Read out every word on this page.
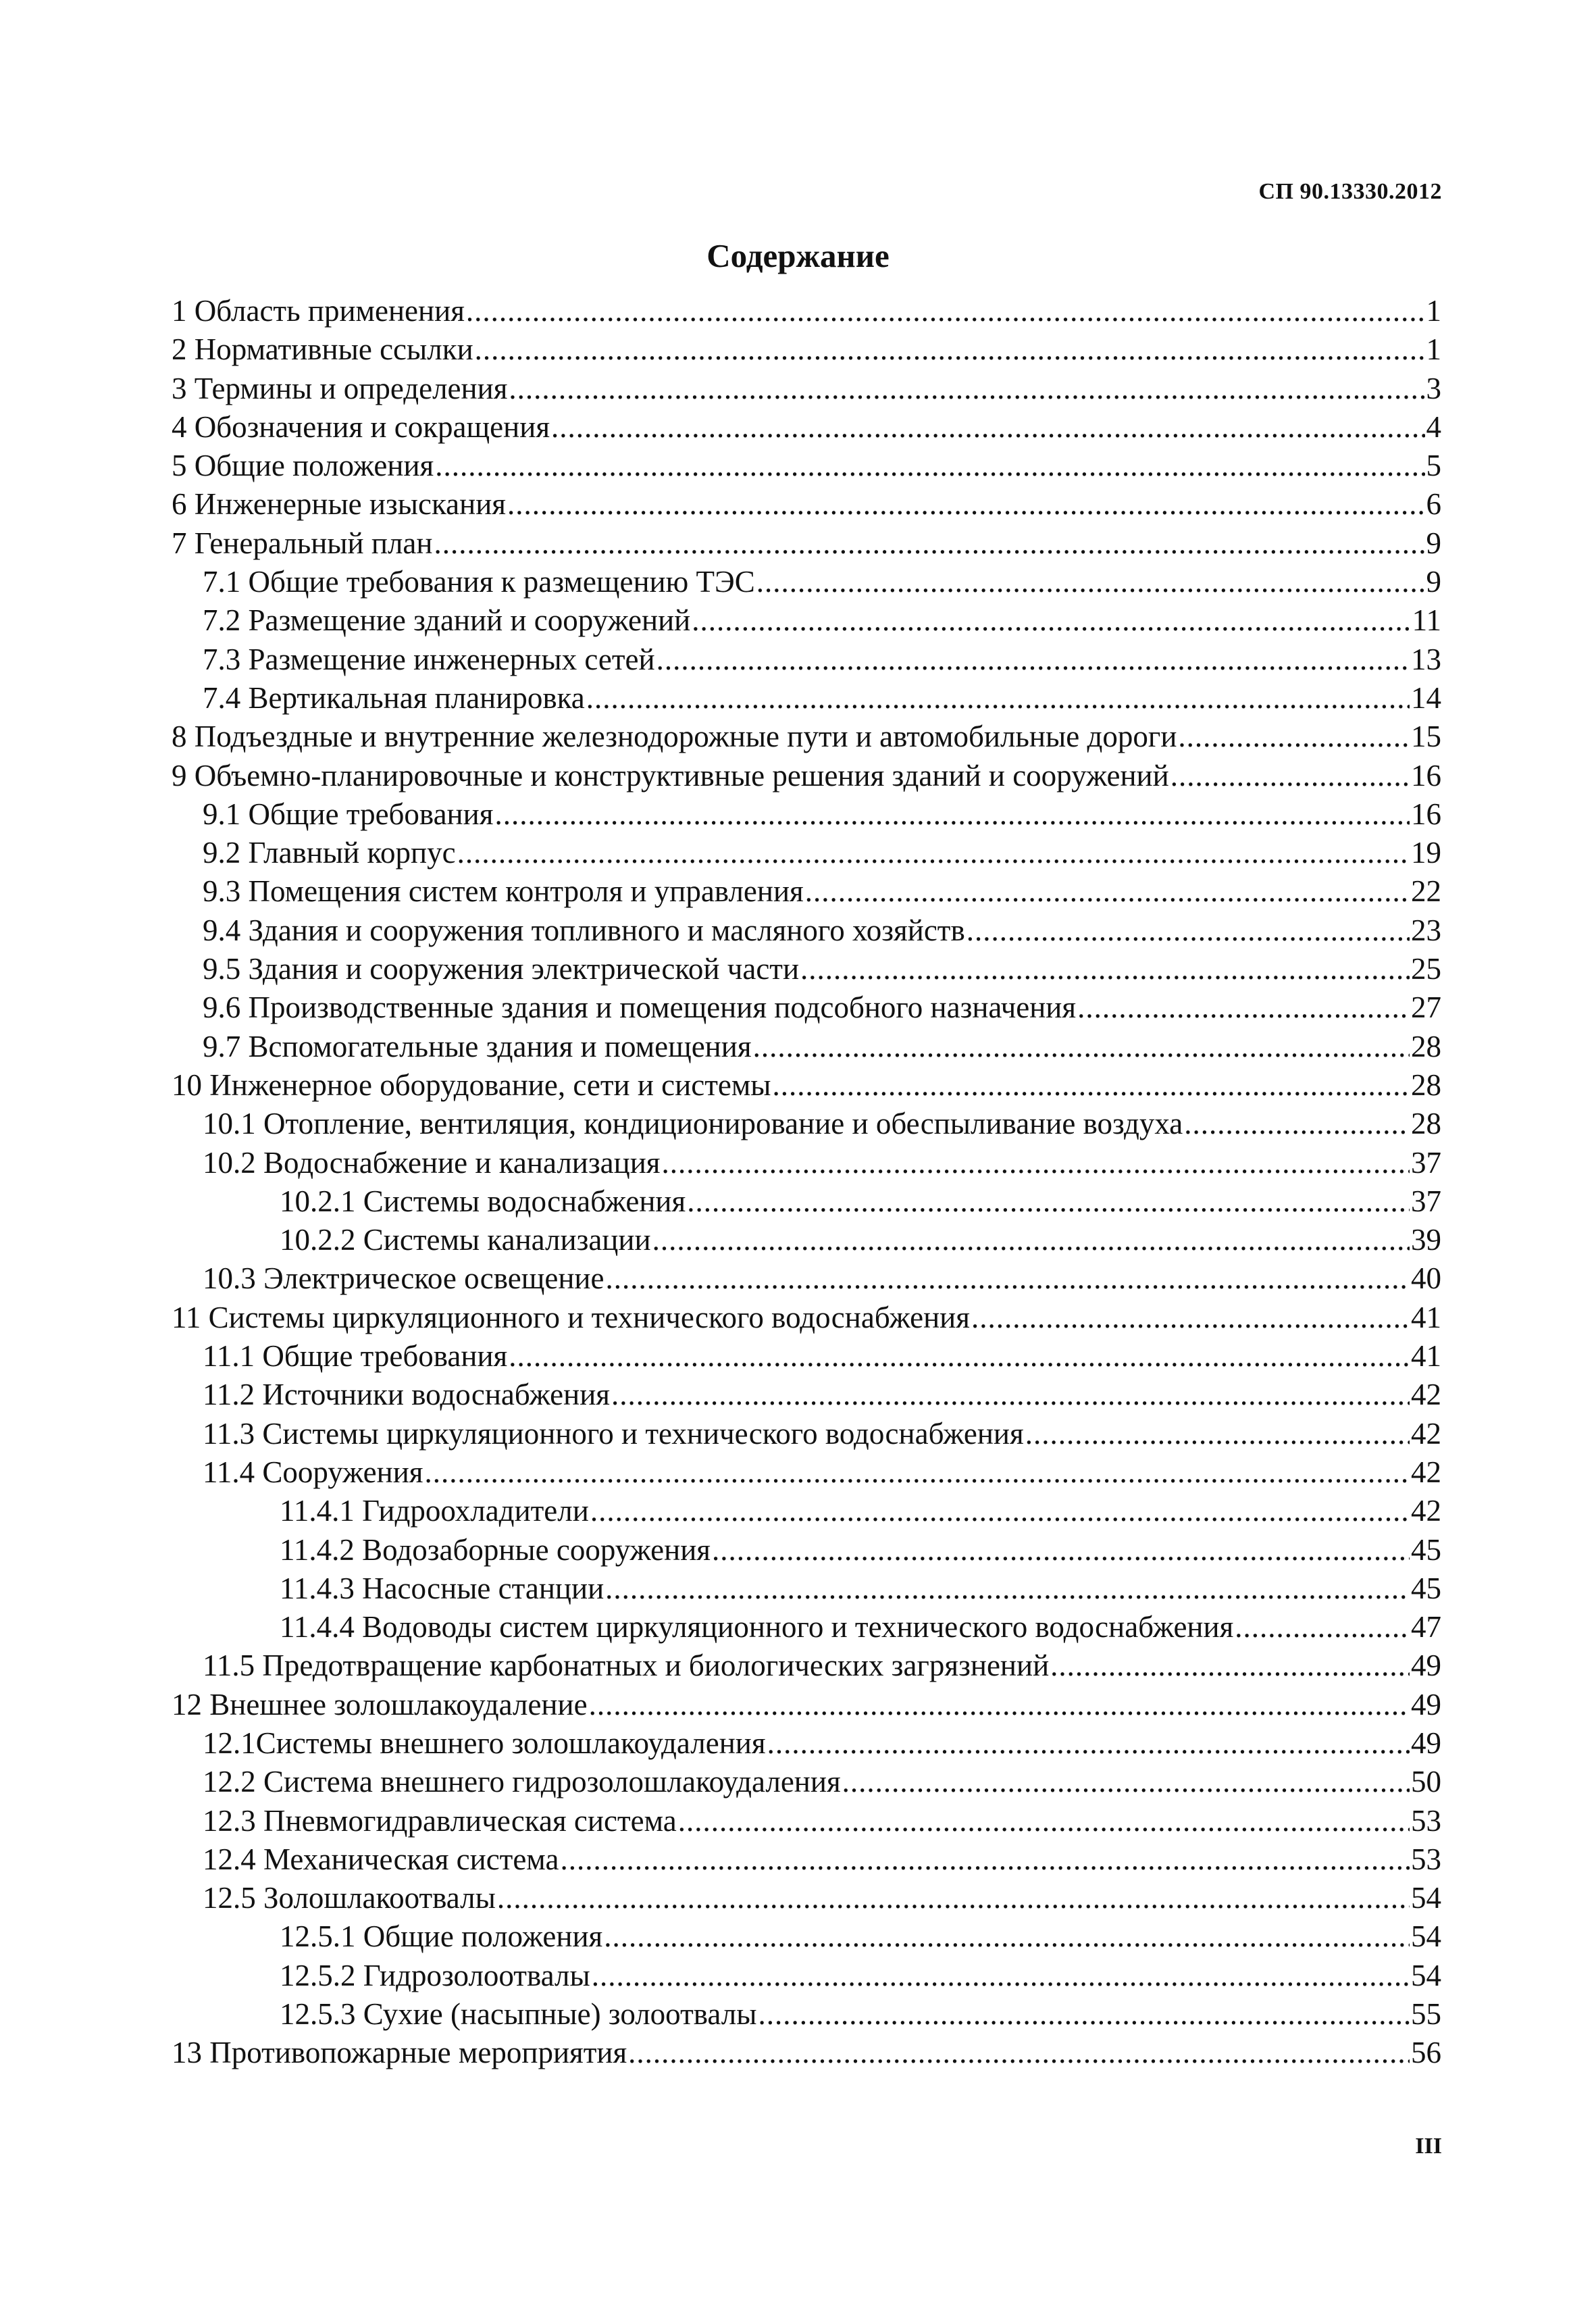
СП 90.13330.2012
Содержание
1 Область применения .....	1
2 Нормативные ссылки .....	1
3 Термины и определения .....	3
4 Обозначения и сокращения .....	4
5 Общие положения .....	5
6 Инженерные изыскания .....	6
7 Генеральный план .....	9
7.1 Общие требования к размещению ТЭС .....	9
7.2 Размещение зданий и сооружений .....	11
7.3 Размещение инженерных сетей .....	13
7.4 Вертикальная планировка .....	14
8 Подъездные и внутренние железнодорожные пути и автомобильные дороги .....	15
9 Объемно-планировочные и конструктивные решения зданий и сооружений .....	16
9.1 Общие требования .....	16
9.2 Главный корпус .....	19
9.3 Помещения систем контроля и управления .....	22
9.4 Здания и сооружения топливного и масляного хозяйств .....	23
9.5 Здания и сооружения электрической части .....	25
9.6 Производственные здания и помещения подсобного назначения .....	27
9.7 Вспомогательные здания и помещения .....	28
10 Инженерное оборудование, сети и системы .....	28
10.1 Отопление, вентиляция, кондиционирование и обеспыливание воздуха .....	28
10.2 Водоснабжение и канализация .....	37
10.2.1 Системы водоснабжения .....	37
10.2.2 Системы канализации .....	39
10.3 Электрическое освещение .....	40
11 Системы циркуляционного и технического водоснабжения .....	41
11.1 Общие требования .....	41
11.2 Источники водоснабжения .....	42
11.3 Системы циркуляционного и технического водоснабжения .....	42
11.4 Сооружения .....	42
11.4.1 Гидроохладители .....	42
11.4.2 Водозаборные сооружения .....	45
11.4.3 Насосные станции .....	45
11.4.4 Водоводы систем циркуляционного и технического водоснабжения .....	47
11.5 Предотвращение карбонатных и биологических загрязнений .....	49
12 Внешнее золошлакоудаление .....	49
12.1Системы внешнего золошлакоудаления .....	49
12.2 Система внешнего гидрозолошлакоудаления .....	50
12.3 Пневмогидравлическая система .....	53
12.4 Механическая система .....	53
12.5 Золошлакоотвалы .....	54
12.5.1 Общие положения .....	54
12.5.2 Гидрозолоотвалы .....	54
12.5.3 Сухие (насыпные) золоотвалы .....	55
13 Противопожарные мероприятия .....	56
III
